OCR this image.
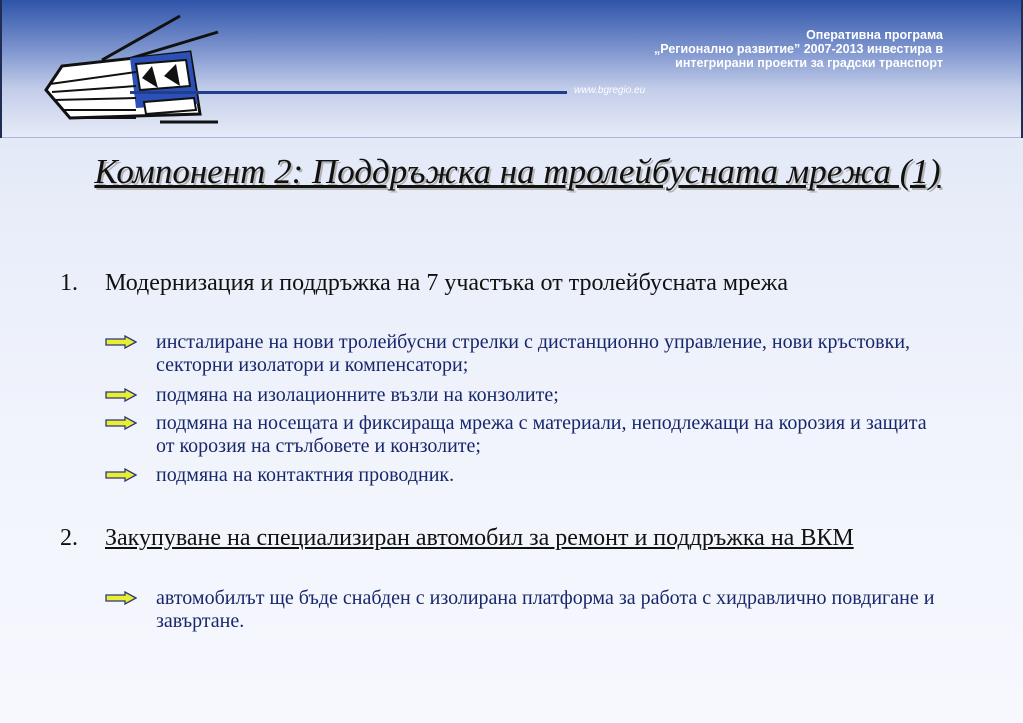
Оперативна програма
„Регионално развитие” 2007-2013 инвестира в
интегрирани проекти за градски транспорт
www.bgregio.eu
Компонент 2: Поддръжка на тролейбусната мрежа (1)
1. Модернизация и поддръжка на 7 участъка от тролейбусната мрежа
инсталиране на нови тролейбусни стрелки с дистанционно управление, нови кръстовки, секторни изолатори и компенсатори;
подмяна на изолационните възли на конзолите;
подмяна на носещата и фиксираща мрежа с материали, неподлежащи на корозия и защита от корозия на стълбовете и конзолите;
подмяна на контактния проводник.
2. Закупуване на специализиран автомобил за ремонт и поддръжка на ВКМ
автомобилът ще бъде снабден с изолирана платформа за работа с хидравлично повдигане и завъртане.
